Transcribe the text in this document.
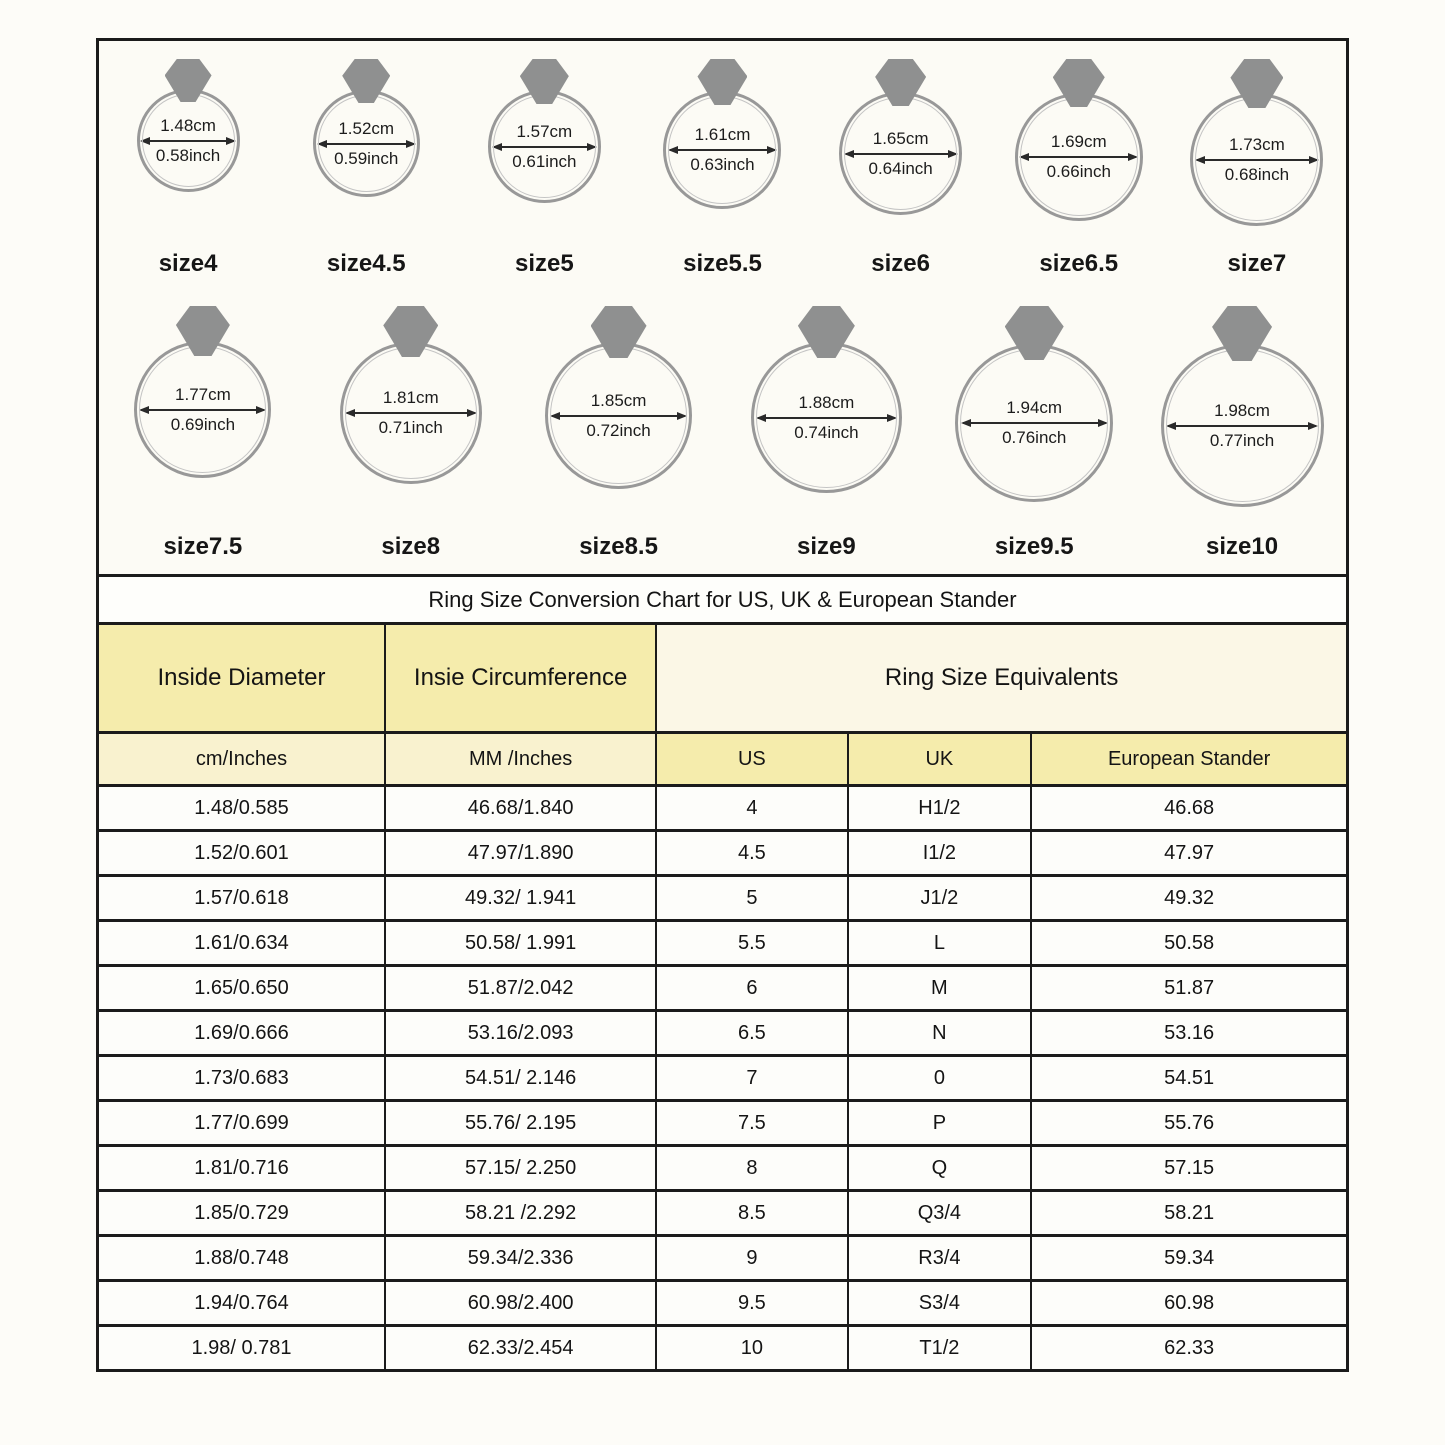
1.48cm
0.58inch
size4
1.52cm
0.59inch
size4.5
1.57cm
0.61inch
size5
1.61cm
0.63inch
size5.5
1.65cm
0.64inch
size6
1.69cm
0.66inch
size6.5
1.73cm
0.68inch
size7
1.77cm
0.69inch
size7.5
1.81cm
0.71inch
size8
1.85cm
0.72inch
size8.5
1.88cm
0.74inch
size9
1.94cm
0.76inch
size9.5
1.98cm
0.77inch
size10
Ring Size Conversion Chart for US, UK & European Stander				
Inside Diameter	Insie Circumference	Ring Size Equivalents		
cm/Inches	MM /Inches	US	UK	European Stander
1.48/0.585	46.68/1.840	4	H1/2	46.68
1.52/0.601	47.97/1.890	4.5	I1/2	47.97
1.57/0.618	49.32/ 1.941	5	J1/2	49.32
1.61/0.634	50.58/ 1.991	5.5	L	50.58
1.65/0.650	51.87/2.042	6	M	51.87
1.69/0.666	53.16/2.093	6.5	N	53.16
1.73/0.683	54.51/ 2.146	7	0	54.51
1.77/0.699	55.76/ 2.195	7.5	P	55.76
1.81/0.716	57.15/ 2.250	8	Q	57.15
1.85/0.729	58.21 /2.292	8.5	Q3/4	58.21
1.88/0.748	59.34/2.336	9	R3/4	59.34
1.94/0.764	60.98/2.400	9.5	S3/4	60.98
1.98/ 0.781	62.33/2.454	10	T1/2	62.33
